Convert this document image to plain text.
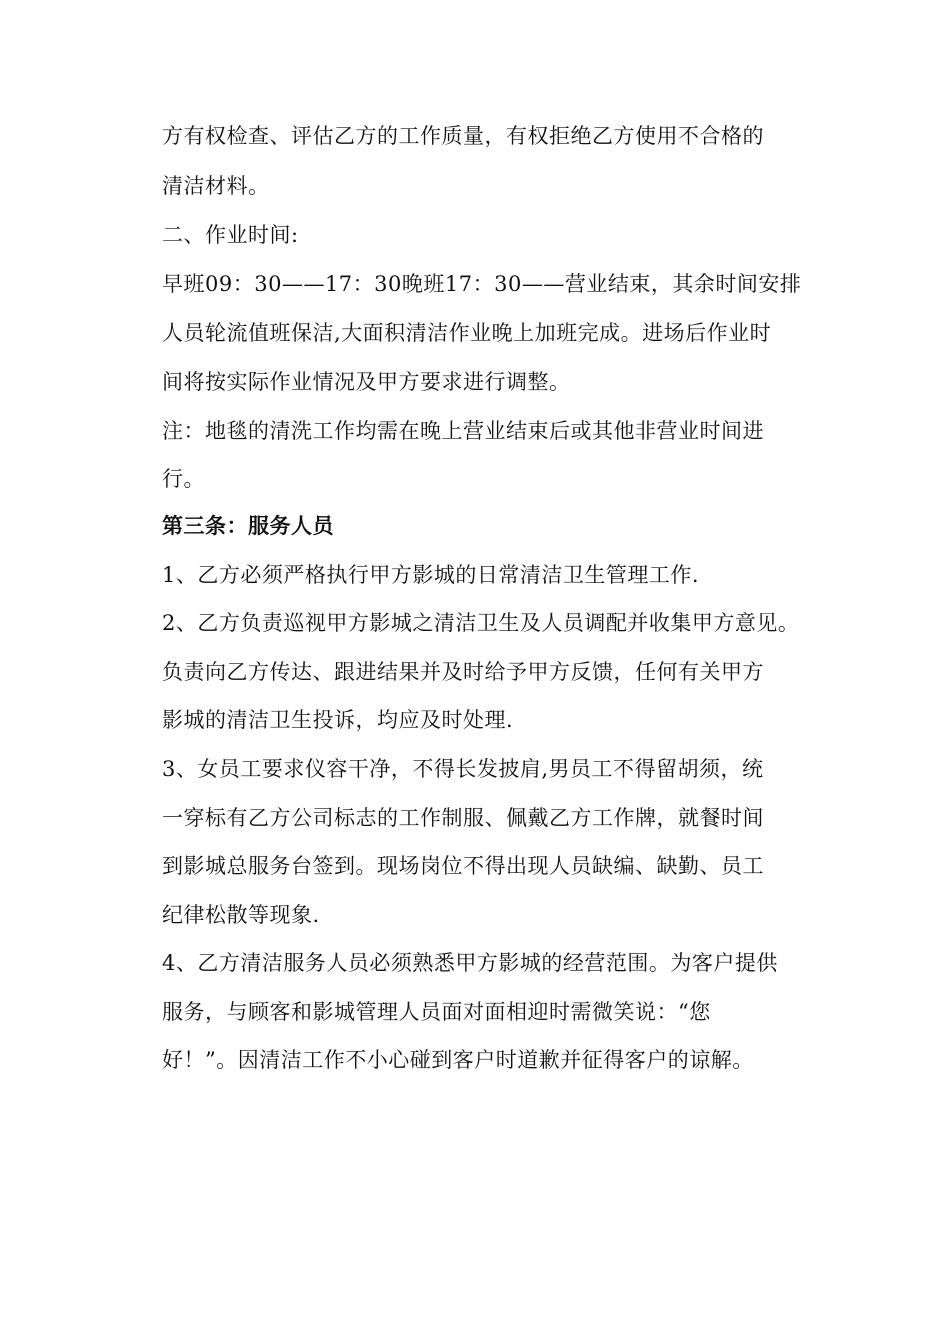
方有权检查、评估乙方的工作质量，有权拒绝乙方使用不合格的
清洁材料。
二、作业时间:
早班09：30——17：30晚班17：30——营业结束，其余时间安排
人员轮流值班保洁,大面积清洁作业晚上加班完成。进场后作业时
间将按实际作业情况及甲方要求进行调整。
注：地毯的清洗工作均需在晚上营业结束后或其他非营业时间进
行。
第三条：服务人员
1、乙方必须严格执行甲方影城的日常清洁卫生管理工作.
2、乙方负责巡视甲方影城之清洁卫生及人员调配并收集甲方意见。
负责向乙方传达、跟进结果并及时给予甲方反馈，任何有关甲方
影城的清洁卫生投诉，均应及时处理.
3、女员工要求仪容干净，不得长发披肩,男员工不得留胡须，统
一穿标有乙方公司标志的工作制服、佩戴乙方工作牌，就餐时间
到影城总服务台签到。现场岗位不得出现人员缺编、缺勤、员工
纪律松散等现象.
4、乙方清洁服务人员必须熟悉甲方影城的经营范围。为客户提供
服务，与顾客和影城管理人员面对面相迎时需微笑说：“您
好！”。因清洁工作不小心碰到客户时道歉并征得客户的谅解。
